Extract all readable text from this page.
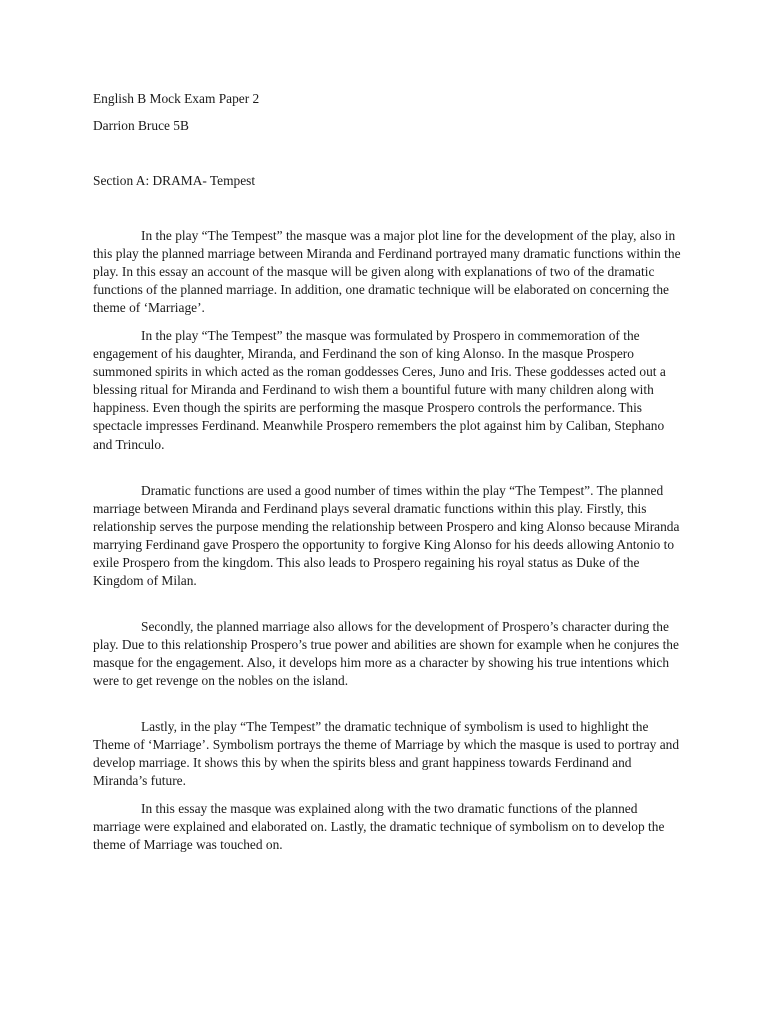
English B Mock Exam Paper 2

Darrion Bruce 5B

Section A: DRAMA- Tempest

In the play “The Tempest” the masque was a major plot line for the development of the play, also in this play the planned marriage between Miranda and Ferdinand portrayed many dramatic functions within the play. In this essay an account of the masque will be given along with explanations of two of the dramatic functions of the planned marriage. In addition, one dramatic technique will be elaborated on concerning the theme of ‘Marriage’.

In the play “The Tempest” the masque was formulated by Prospero in commemoration of the engagement of his daughter, Miranda, and Ferdinand the son of king Alonso. In the masque Prospero summoned spirits in which acted as the roman goddesses Ceres, Juno and Iris. These goddesses acted out a blessing ritual for Miranda and Ferdinand to wish them a bountiful future with many children along with happiness. Even though the spirits are performing the masque Prospero controls the performance. This spectacle impresses Ferdinand. Meanwhile Prospero remembers the plot against him by Caliban, Stephano and Trinculo.

Dramatic functions are used a good number of times within the play “The Tempest”. The planned marriage between Miranda and Ferdinand plays several dramatic functions within this play. Firstly, this relationship serves the purpose mending the relationship between Prospero and king Alonso because Miranda marrying Ferdinand gave Prospero the opportunity to forgive King Alonso for his deeds allowing Antonio to exile Prospero from the kingdom. This also leads to Prospero regaining his royal status as Duke of the Kingdom of Milan.

Secondly, the planned marriage also allows for the development of Prospero’s character during the play. Due to this relationship Prospero’s true power and abilities are shown for example when he conjures the masque for the engagement. Also, it develops him more as a character by showing his true intentions which were to get revenge on the nobles on the island.

Lastly, in the play “The Tempest” the dramatic technique of symbolism is used to highlight the Theme of ‘Marriage’. Symbolism portrays the theme of Marriage by which the masque is used to portray and develop marriage. It shows this by when the spirits bless and grant happiness towards Ferdinand and Miranda’s future.

In this essay the masque was explained along with the two dramatic functions of the planned marriage were explained and elaborated on. Lastly, the dramatic technique of symbolism on to develop the theme of Marriage was touched on.
